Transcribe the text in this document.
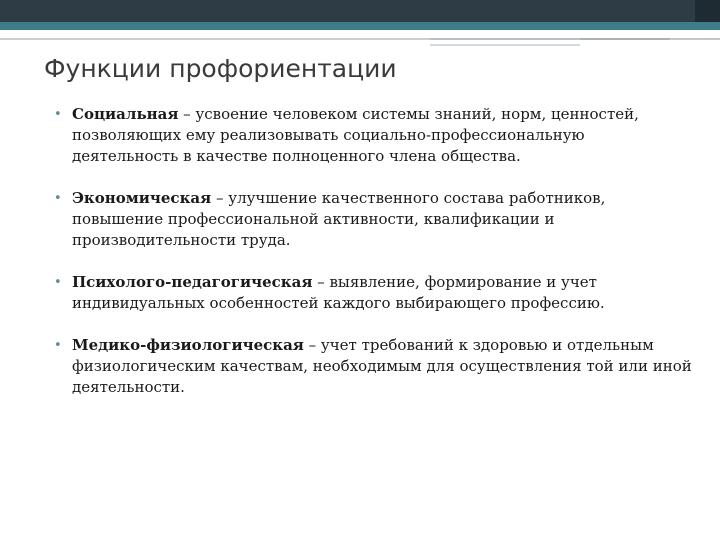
Функции профориентации
• Социальная – усвоение человеком системы знаний, норм, ценностей, позволяющих ему реализовывать социально-профессиональную деятельность в качестве полноценного члена общества.
• Экономическая – улучшение качественного состава работников, повышение профессиональной активности, квалификации и производительности труда.
• Психолого-педагогическая – выявление, формирование и учет индивидуальных особенностей каждого выбирающего профессию.
• Медико-физиологическая – учет требований к здоровью и отдельным физиологическим качествам, необходимым для осуществления той или иной деятельности.
